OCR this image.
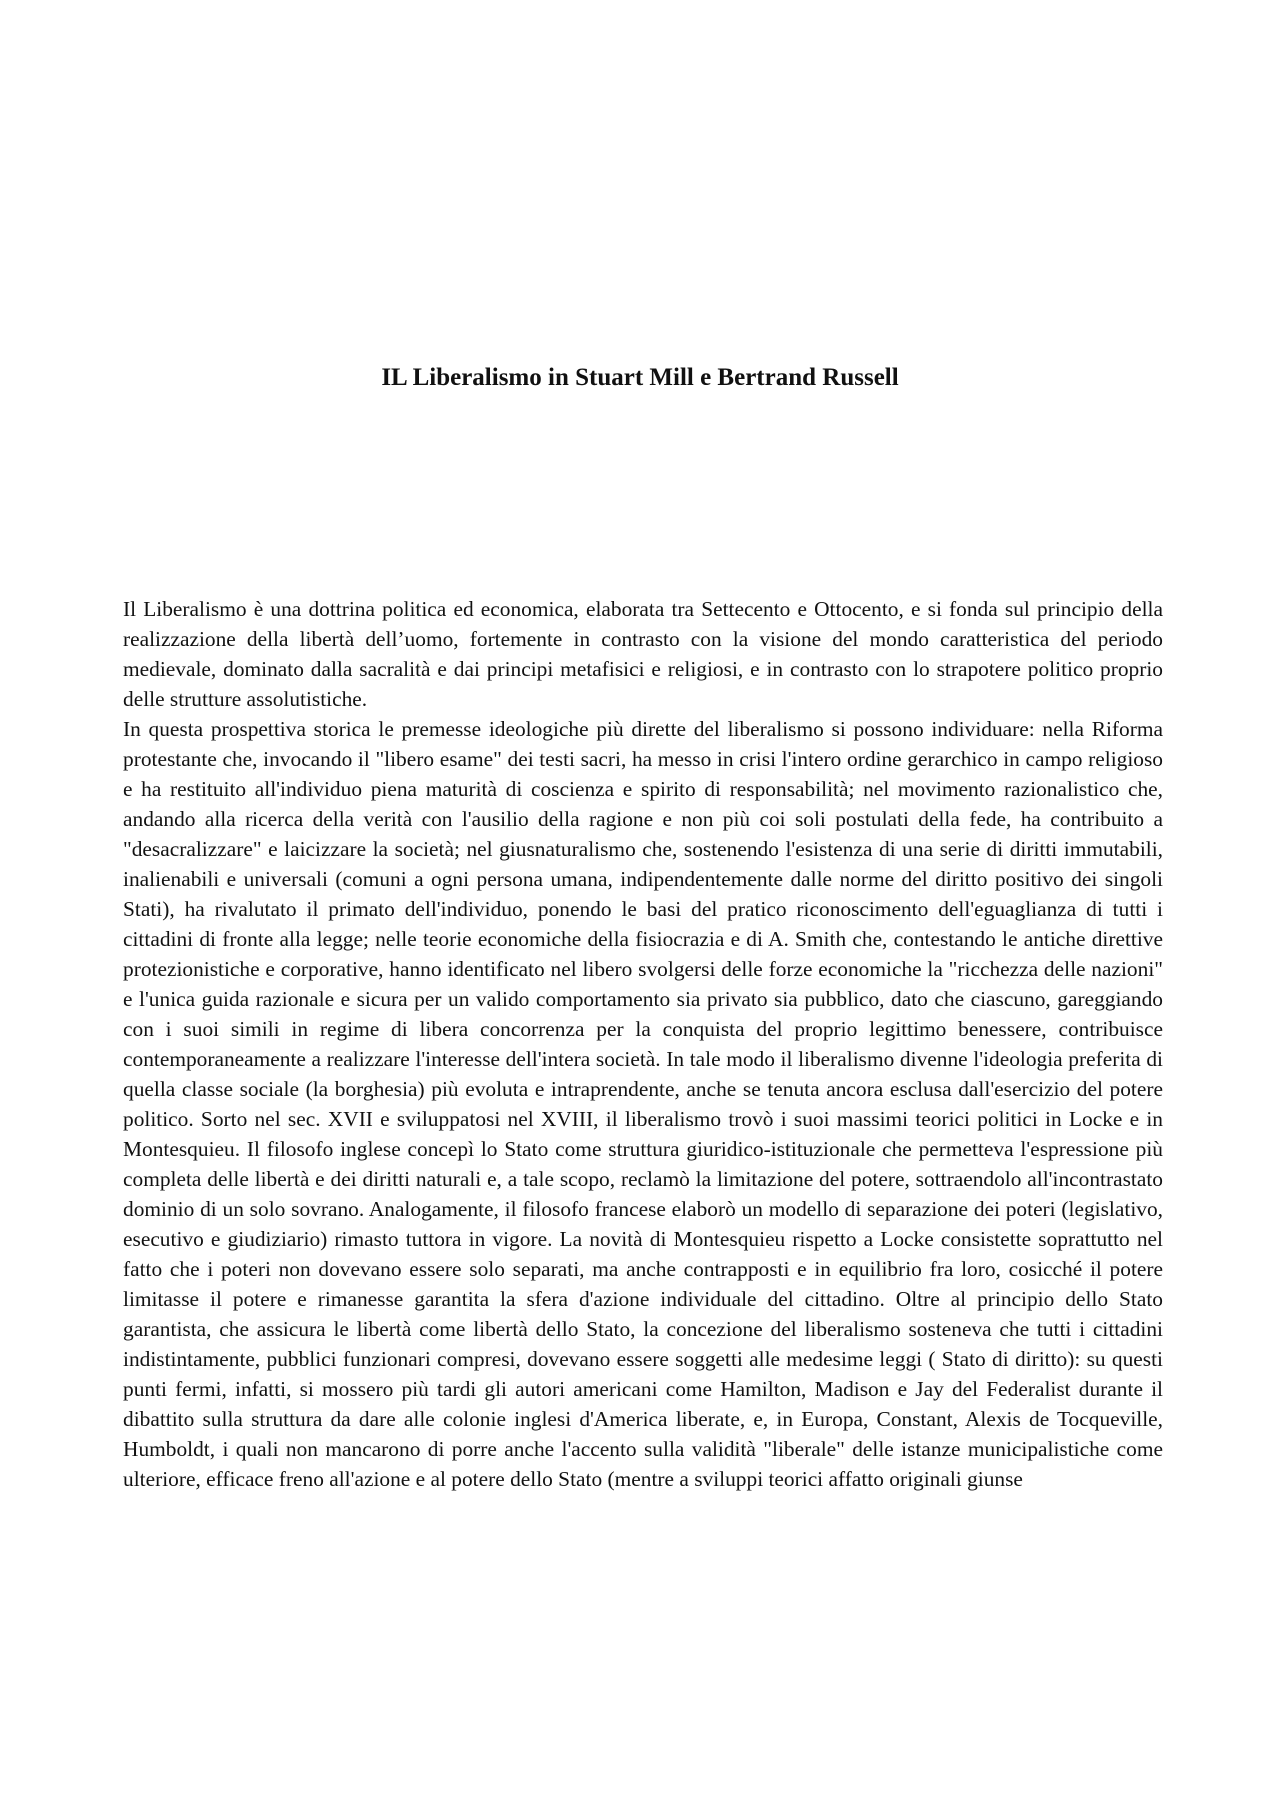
IL Liberalismo in Stuart Mill e Bertrand Russell

Il Liberalismo è una dottrina politica ed economica, elaborata tra Settecento e Ottocento, e si fonda sul principio della realizzazione della libertà dell’uomo, fortemente in contrasto con la visione del mondo caratteristica del periodo medievale, dominato dalla sacralità e dai principi metafisici e religiosi, e in contrasto con lo strapotere politico proprio delle strutture assolutistiche.

In questa prospettiva storica le premesse ideologiche più dirette del liberalismo si possono individuare: nella Riforma protestante che, invocando il "libero esame" dei testi sacri, ha messo in crisi l'intero ordine gerarchico in campo religioso e ha restituito all'individuo piena maturità di coscienza e spirito di responsabilità; nel movimento razionalistico che, andando alla ricerca della verità con l'ausilio della ragione e non più coi soli postulati della fede, ha contribuito a "desacralizzare" e laicizzare la società; nel giusnaturalismo che, sostenendo l'esistenza di una serie di diritti immutabili, inalienabili e universali (comuni a ogni persona umana, indipendentemente dalle norme del diritto positivo dei singoli Stati), ha rivalutato il primato dell'individuo, ponendo le basi del pratico riconoscimento dell'eguaglianza di tutti i cittadini di fronte alla legge; nelle teorie economiche della fisiocrazia e di A. Smith che, contestando le antiche direttive protezionistiche e corporative, hanno identificato nel libero svolgersi delle forze economiche la "ricchezza delle nazioni" e l'unica guida razionale e sicura per un valido comportamento sia privato sia pubblico, dato che ciascuno, gareggiando con i suoi simili in regime di libera concorrenza per la conquista del proprio legittimo benessere, contribuisce contemporaneamente a realizzare l'interesse dell'intera società. In tale modo il liberalismo divenne l'ideologia preferita di quella classe sociale (la borghesia) più evoluta e intraprendente, anche se tenuta ancora esclusa dall'esercizio del potere politico. Sorto nel sec. XVII e sviluppatosi nel XVIII, il liberalismo trovò i suoi massimi teorici politici in Locke e in Montesquieu. Il filosofo inglese concepì lo Stato come struttura giuridico-istituzionale che permetteva l'espressione più completa delle libertà e dei diritti naturali e, a tale scopo, reclamò la limitazione del potere, sottraendolo all'incontrastato dominio di un solo sovrano. Analogamente, il filosofo francese elaborò un modello di separazione dei poteri (legislativo, esecutivo e giudiziario) rimasto tuttora in vigore. La novità di Montesquieu rispetto a Locke consistette soprattutto nel fatto che i poteri non dovevano essere solo separati, ma anche contrapposti e in equilibrio fra loro, cosicché il potere limitasse il potere e rimanesse garantita la sfera d'azione individuale del cittadino. Oltre al principio dello Stato garantista, che assicura le libertà come libertà dello Stato, la concezione del liberalismo sosteneva che tutti i cittadini indistintamente, pubblici funzionari compresi, dovevano essere soggetti alle medesime leggi ( Stato di diritto): su questi punti fermi, infatti, si mossero più tardi gli autori americani come Hamilton, Madison e Jay del Federalist durante il dibattito sulla struttura da dare alle colonie inglesi d'America liberate, e, in Europa, Constant, Alexis de Tocqueville, Humboldt, i quali non mancarono di porre anche l'accento sulla validità "liberale" delle istanze municipalistiche come ulteriore, efficace freno all'azione e al potere dello Stato (mentre a sviluppi teorici affatto originali giunse
